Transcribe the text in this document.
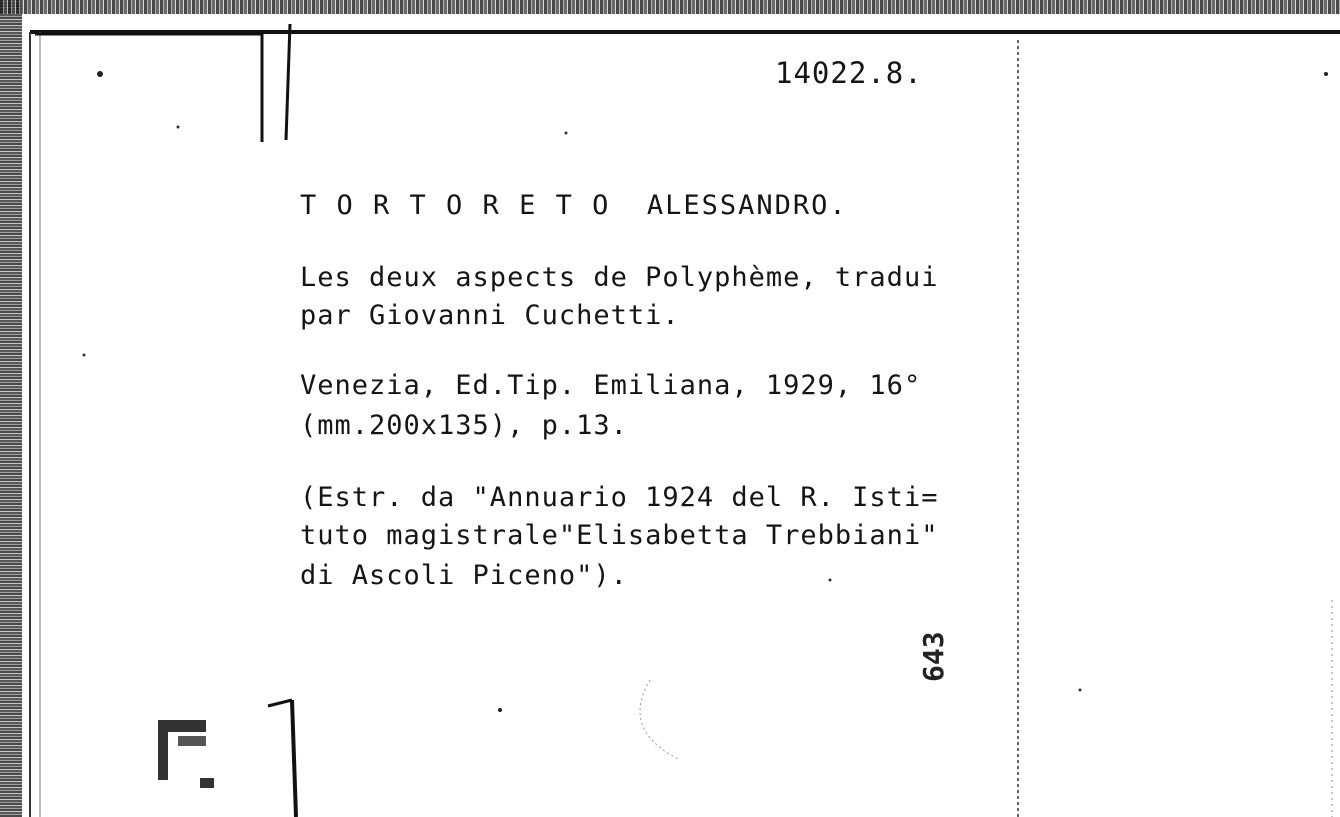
14022.8.
T O R T O R E T O  ALESSANDRO.
Les deux aspects de Polyphème, tradui
par Giovanni Cuchetti.
Venezia, Ed.Tip. Emiliana, 1929, 16°
(mm.200x135), p.13.
(Estr. da "Annuario 1924 del R. Isti=
tuto magistrale"Elisabetta Trebbiani"
di Ascoli Piceno").
643
